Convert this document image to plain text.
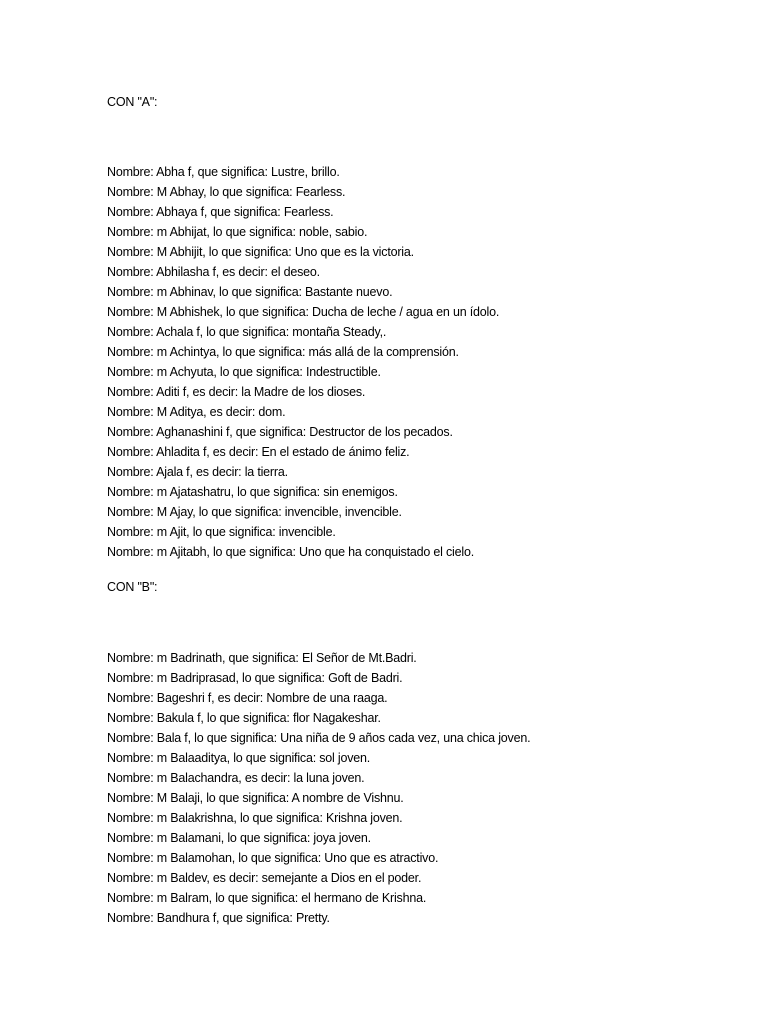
CON "A":
Nombre: Abha f, que significa: Lustre, brillo.
Nombre: M Abhay, lo que significa: Fearless.
Nombre: Abhaya f, que significa: Fearless.
Nombre: m Abhijat, lo que significa: noble, sabio.
Nombre: M Abhijit, lo que significa: Uno que es la victoria.
Nombre: Abhilasha f, es decir: el deseo.
Nombre: m Abhinav, lo que significa: Bastante nuevo.
Nombre: M Abhishek, lo que significa: Ducha de leche / agua en un ídolo.
Nombre: Achala f, lo que significa: montaña Steady,.
Nombre: m Achintya, lo que significa: más allá de la comprensión.
Nombre: m Achyuta, lo que significa: Indestructible.
Nombre: Aditi f, es decir: la Madre de los dioses.
Nombre: M Aditya, es decir: dom.
Nombre: Aghanashini f, que significa: Destructor de los pecados.
Nombre: Ahladita f, es decir: En el estado de ánimo feliz.
Nombre: Ajala f, es decir: la tierra.
Nombre: m Ajatashatru, lo que significa: sin enemigos.
Nombre: M Ajay, lo que significa: invencible, invencible.
Nombre: m Ajit, lo que significa: invencible.
Nombre: m Ajitabh, lo que significa: Uno que ha conquistado el cielo.
CON "B":
Nombre: m Badrinath, que significa: El Señor de Mt.Badri.
Nombre: m Badriprasad, lo que significa: Goft de Badri.
Nombre: Bageshri f, es decir: Nombre de una raaga.
Nombre: Bakula f, lo que significa: flor Nagakeshar.
Nombre: Bala f, lo que significa: Una niña de 9 años cada vez, una chica joven.
Nombre: m Balaaditya, lo que significa: sol joven.
Nombre: m Balachandra, es decir: la luna joven.
Nombre: M Balaji, lo que significa: A nombre de Vishnu.
Nombre: m Balakrishna, lo que significa: Krishna joven.
Nombre: m Balamani, lo que significa: joya joven.
Nombre: m Balamohan, lo que significa: Uno que es atractivo.
Nombre: m Baldev, es decir: semejante a Dios en el poder.
Nombre: m Balram, lo que significa: el hermano de Krishna.
Nombre: Bandhura f, que significa: Pretty.
